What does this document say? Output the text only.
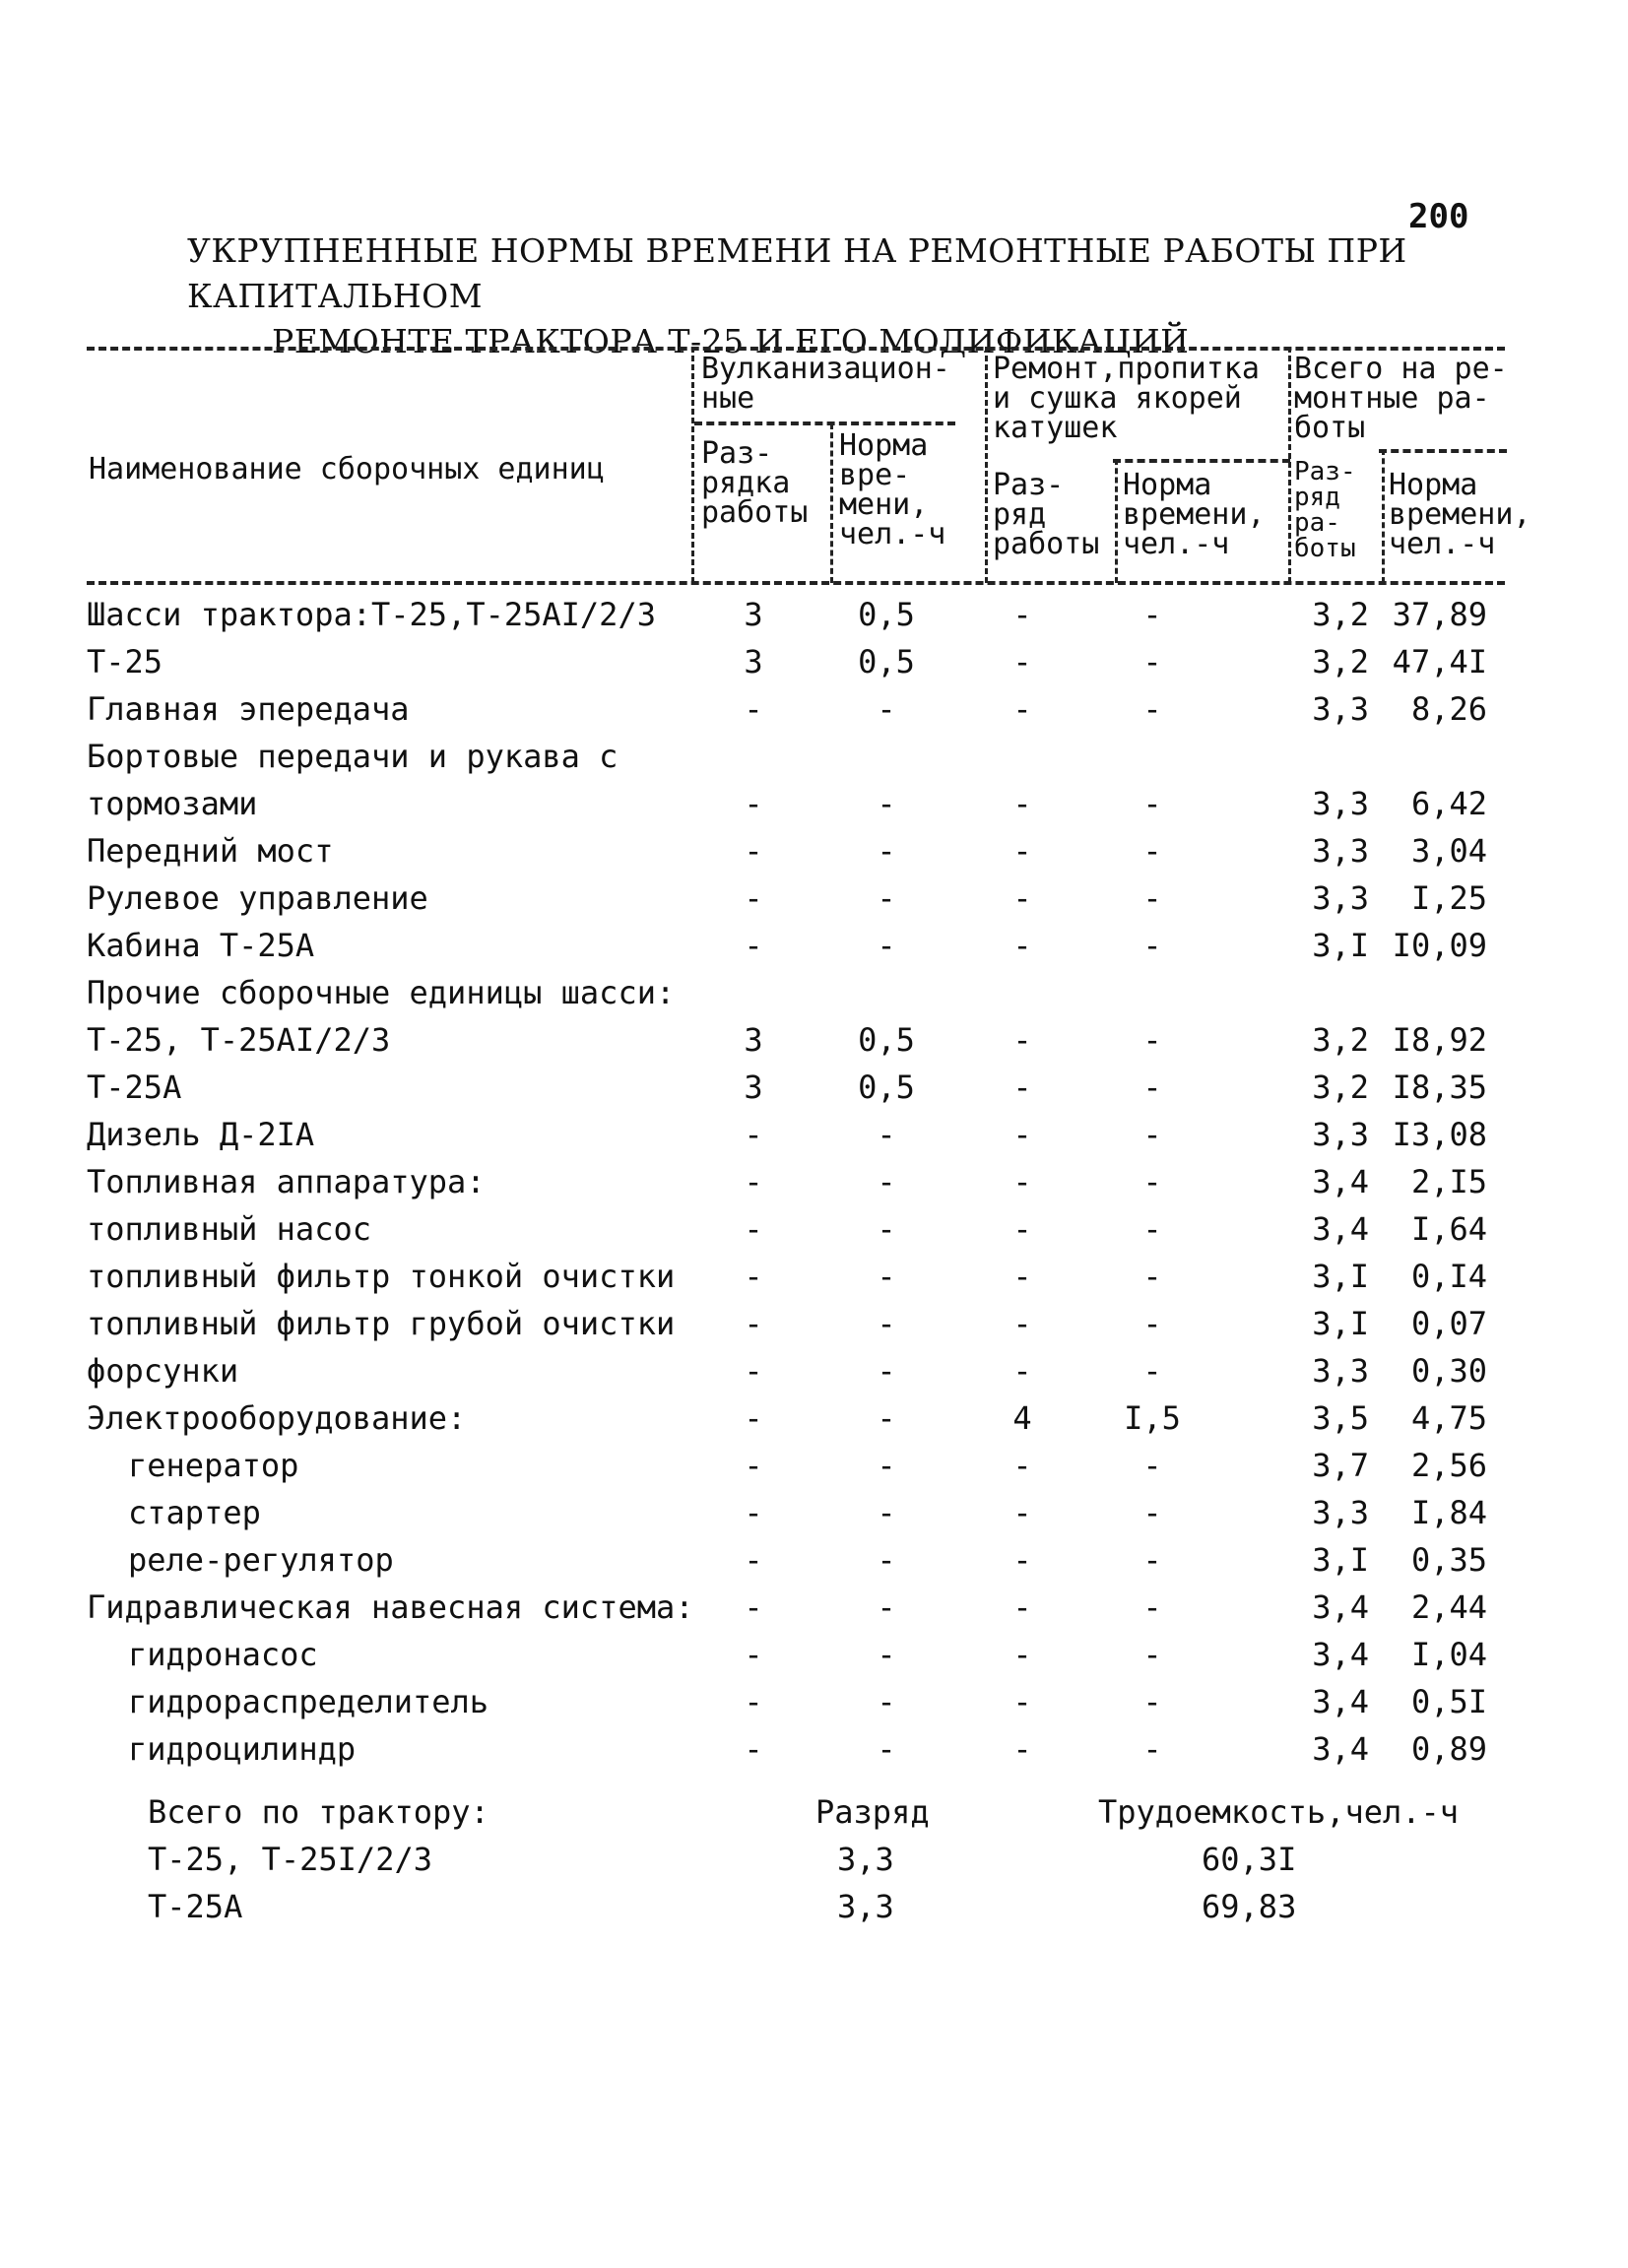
200
УКРУПНЕННЫЕ НОРМЫ ВРЕМЕНИ НА РЕМОНТНЫЕ РАБОТЫ ПРИ КАПИТАЛЬНОМ
РЕМОНТЕ ТРАКТОРА Т-25 И ЕГО МОДИФИКАЦИЙ
Наименование сборочных единиц
Вулканизацион-
ные
Раз-
рядка
работы
Норма
вре-
мени,
чел.-ч
Ремонт,пропитка
и сушка якорей
катушек
Раз-
ряд
работы
Норма
времени,
чел.-ч
Всего на ре-
монтные ра-
боты
Раз-
ряд
ра-
боты
Норма
времени,
чел.-ч
Шасси трактора:Т-25,Т-25АI/2/3	3	0,5	-	-	3,2 37,89
Т-25	3	0,5	-	-	3,2 47,4I
Главная эпередача	-	-	-	-	3,3	8,26
Бортовые передачи и рукава с
тормозами	-	-	-	-	3,3	6,42
Передний мост	-	-	-	-	3,3	3,04
Рулевое управление	-	-	-	-	3,3	I,25
Кабина Т-25А	-	-	-	-	3,I I0,09
Прочие сборочные единицы шасси:
Т-25, Т-25АI/2/3	3	0,5	-	-	3,2 I8,92
Т-25А	3	0,5	-	-	3,2 I8,35
Дизель Д-2IА	-	-	-	-	3,3 I3,08
Топливная аппаратура:	-	-	-	-	3,4	2,I5
топливный насос	-	-	-	-	3,4	I,64
топливный фильтр тонкой очистки	-	-	-	-	3,I	0,I4
топливный фильтр грубой очистки	-	-	-	-	3,I	0,07
форсунки	-	-	-	-	3,3	0,30
Электрооборудование:	-	-	4	I,5	3,5	4,75
генератор	-	-	-	-	3,7	2,56
стартер	-	-	-	-	3,3	I,84
реле-регулятор	-	-	-	-	3,I	0,35
Гидравлическая навесная система:	-	-	-	-	3,4	2,44
гидронасос	-	-	-	-	3,4	I,04
гидрораспределитель	-	-	-	-	3,4	0,5I
гидроцилиндр	-	-	-	-	3,4	0,89
Всего по трактору:	Разряд	Трудоемкость,чел.-ч
Т-25, Т-25I/2/3	3,3	60,3I
Т-25А	3,3	69,83
